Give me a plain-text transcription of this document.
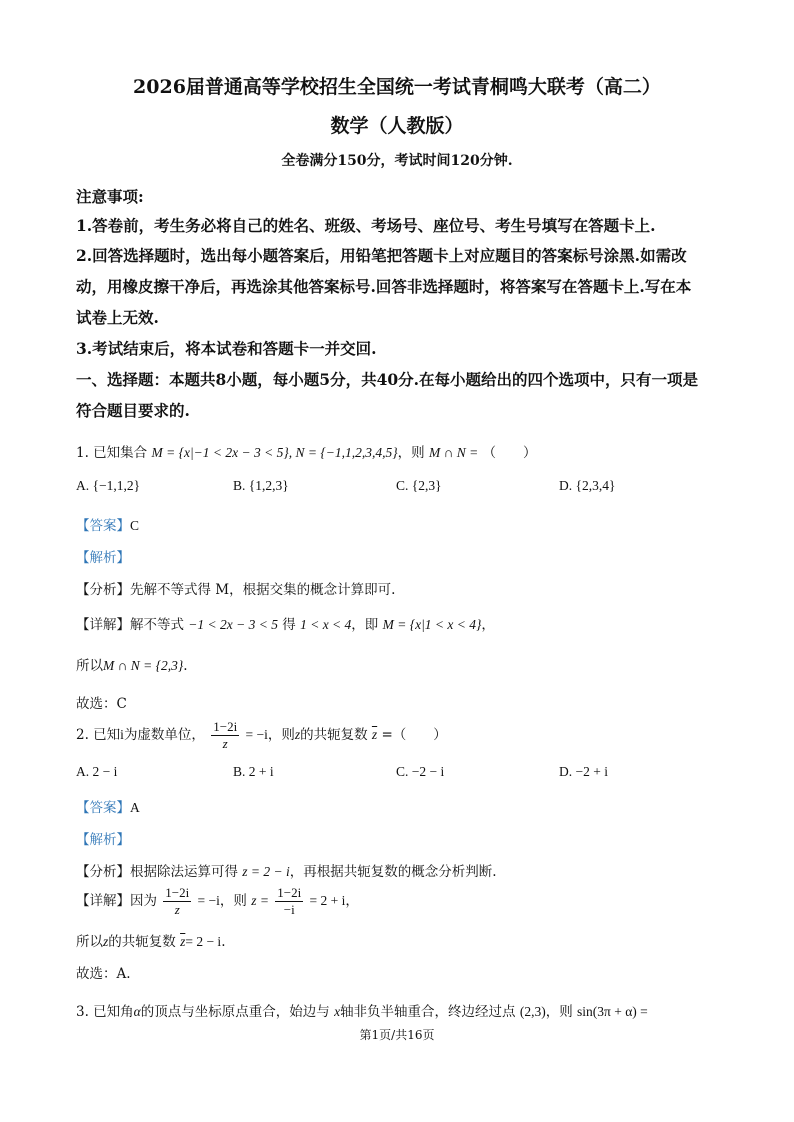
2026届普通高等学校招生全国统一考试青桐鸣大联考（高二）
数学（人教版）
全卷满分150分，考试时间120分钟.
注意事项:
1.答卷前，考生务必将自己的姓名、班级、考场号、座位号、考生号填写在答题卡上.
2.回答选择题时，选出每小题答案后，用铅笔把答题卡上对应题目的答案标号涂黑.如需改
动，用橡皮擦干净后，再选涂其他答案标号.回答非选择题时，将答案写在答题卡上.写在本
试卷上无效.
3.考试结束后，将本试卷和答题卡一并交回.
一、选择题：本题共8小题，每小题5分，共40分.在每小题给出的四个选项中，只有一项是
符合题目要求的.
1. 已知集合 M = {x|−1 < 2x − 3 < 5}, N = {−1,1,2,3,4,5}，则 M ∩ N = （　　）
A. {−1,1,2}	B. {1,2,3}	C. {2,3}	D. {2,3,4}
【答案】C
【解析】
【分析】先解不等式得 M，根据交集的概念计算即可.
【详解】解不等式 −1 < 2x − 3 < 5 得 1 < x < 4，即 M = {x|1 < x < 4}，
所以M ∩ N = {2,3}.
故选：C
2. 已知i为虚数单位， $\frac{1-2i}{z} = -i$，则z的共轭复数 $\overline{z}$ =（　　）
A. 2 − i	B. 2 + i	C. −2 − i	D. −2 + i
【答案】A
【解析】
【分析】根据除法运算可得 z = 2 − i，再根据共轭复数的概念分析判断.
【详解】因为 $\frac{1-2i}{z} = -i$，则 $z = \frac{1-2i}{-i} = 2 + i$，
所以z的共轭复数 $\overline{z}= 2 - i$.
故选：A.
3. 已知角α的顶点与坐标原点重合，始边与 x轴非负半轴重合，终边经过点 (2,3)，则 sin(3π + α) =
第1页/共16页
